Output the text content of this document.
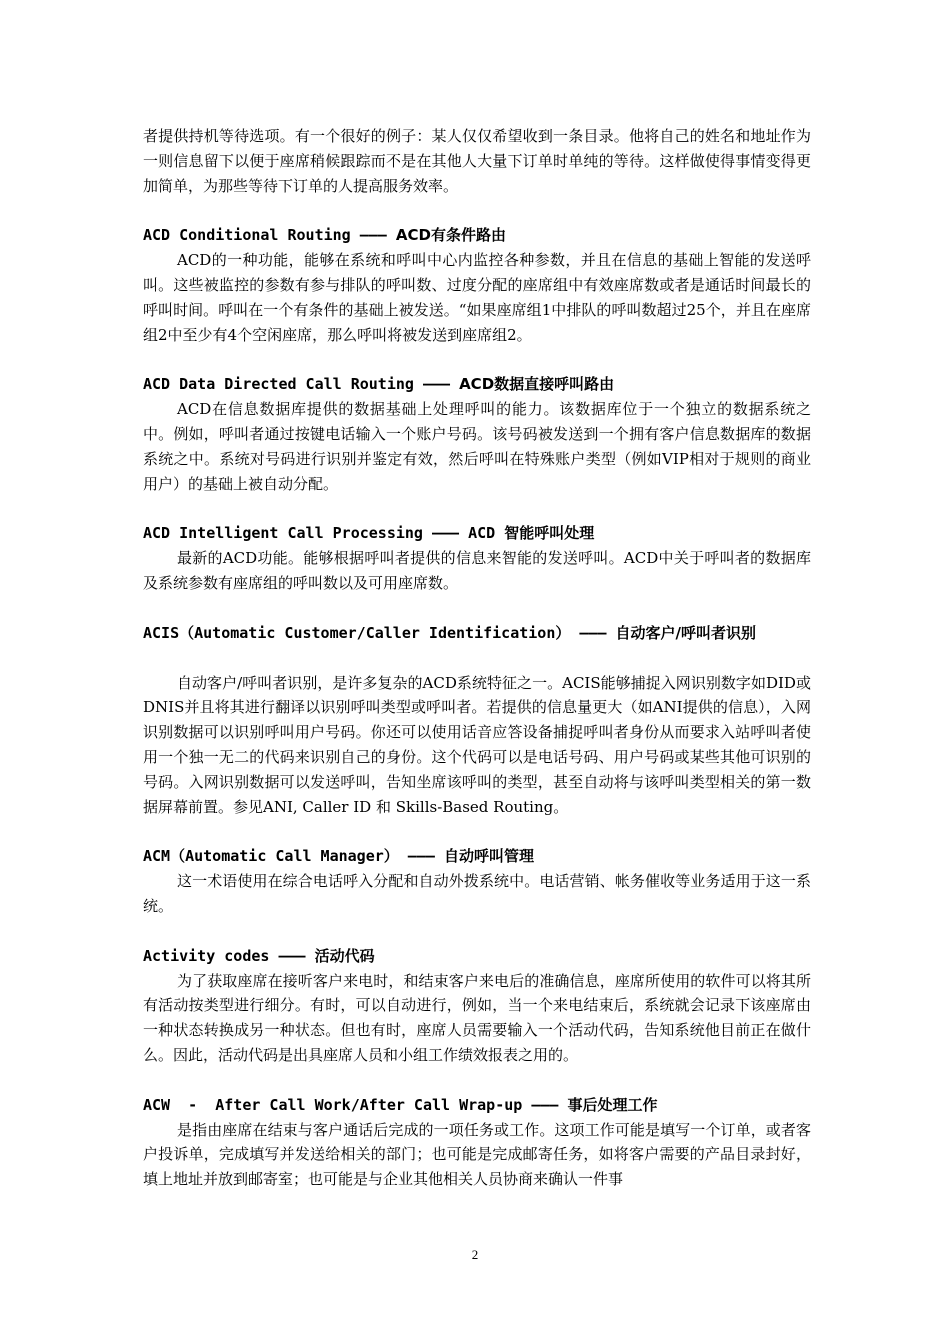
者提供持机等待选项。有一个很好的例子：某人仅仅希望收到一条目录。他将自己的姓名和地址作为一则信息留下以便于座席稍候跟踪而不是在其他人大量下订单时单纯的等待。这样做使得事情变得更加简单，为那些等待下订单的人提高服务效率。

ACD Conditional Routing ——— ACD有条件路由

ACD的一种功能，能够在系统和呼叫中心内监控各种参数，并且在信息的基础上智能的发送呼叫。这些被监控的参数有参与排队的呼叫数、过度分配的座席组中有效座席数或者是通话时间最长的呼叫时间。呼叫在一个有条件的基础上被发送。“如果座席组1中排队的呼叫数超过25个，并且在座席组2中至少有4个空闲座席，那么呼叫将被发送到座席组2。

ACD Data Directed Call Routing ——— ACD数据直接呼叫路由

ACD在信息数据库提供的数据基础上处理呼叫的能力。该数据库位于一个独立的数据系统之中。例如，呼叫者通过按键电话输入一个账户号码。该号码被发送到一个拥有客户信息数据库的数据系统之中。系统对号码进行识别并鉴定有效，然后呼叫在特殊账户类型（例如VIP相对于规则的商业用户）的基础上被自动分配。

ACD Intelligent Call Processing ——— ACD 智能呼叫处理

最新的ACD功能。能够根据呼叫者提供的信息来智能的发送呼叫。ACD中关于呼叫者的数据库及系统参数有座席组的呼叫数以及可用座席数。

ACIS（Automatic Customer/Caller Identification） ——— 自动客户/呼叫者识别

自动客户/呼叫者识别，是许多复杂的ACD系统特征之一。ACIS能够捕捉入网识别数字如DID或DNIS并且将其进行翻译以识别呼叫类型或呼叫者。若提供的信息量更大（如ANI提供的信息），入网识别数据可以识别呼叫用户号码。你还可以使用话音应答设备捕捉呼叫者身份从而要求入站呼叫者使用一个独一无二的代码来识别自己的身份。这个代码可以是电话号码、用户号码或某些其他可识别的号码。入网识别数据可以发送呼叫，告知坐席该呼叫的类型，甚至自动将与该呼叫类型相关的第一数据屏幕前置。参见ANI, Caller ID 和 Skills-Based Routing。

ACM（Automatic Call Manager） ——— 自动呼叫管理

这一术语使用在综合电话呼入分配和自动外拨系统中。电话营销、帐务催收等业务适用于这一系统。

Activity codes ——— 活动代码

为了获取座席在接听客户来电时，和结束客户来电后的准确信息，座席所使用的软件可以将其所有活动按类型进行细分。有时，可以自动进行，例如，当一个来电结束后，系统就会记录下该座席由一种状态转换成另一种状态。但也有时，座席人员需要输入一个活动代码，告知系统他目前正在做什么。因此，活动代码是出具座席人员和小组工作绩效报表之用的。

ACW  -  After Call Work/After Call Wrap-up ——— 事后处理工作

是指由座席在结束与客户通话后完成的一项任务或工作。这项工作可能是填写一个订单，或者客户投诉单，完成填写并发送给相关的部门；也可能是完成邮寄任务，如将客户需要的产品目录封好，填上地址并放到邮寄室；也可能是与企业其他相关人员协商来确认一件事

2
